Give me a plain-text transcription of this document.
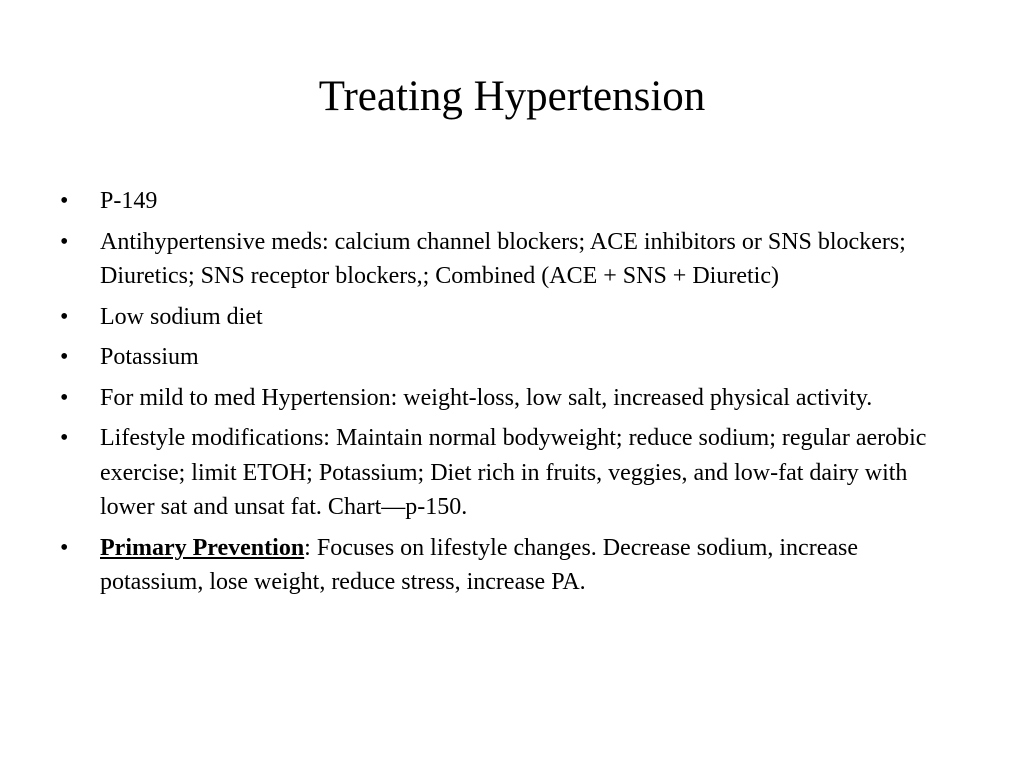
Treating Hypertension
•	P-149
•	Antihypertensive meds: calcium channel blockers; ACE inhibitors or SNS blockers; Diuretics; SNS receptor blockers,; Combined (ACE + SNS + Diuretic)
•	Low sodium diet
•	Potassium
•	For mild to med Hypertension: weight-loss, low salt, increased physical activity.
•	Lifestyle modifications: Maintain normal bodyweight; reduce sodium; regular aerobic exercise; limit ETOH; Potassium; Diet rich in fruits, veggies, and low-fat dairy with lower sat and unsat fat. Chart—p-150.
•	Primary Prevention: Focuses on lifestyle changes. Decrease sodium, increase potassium, lose weight, reduce stress, increase PA.
